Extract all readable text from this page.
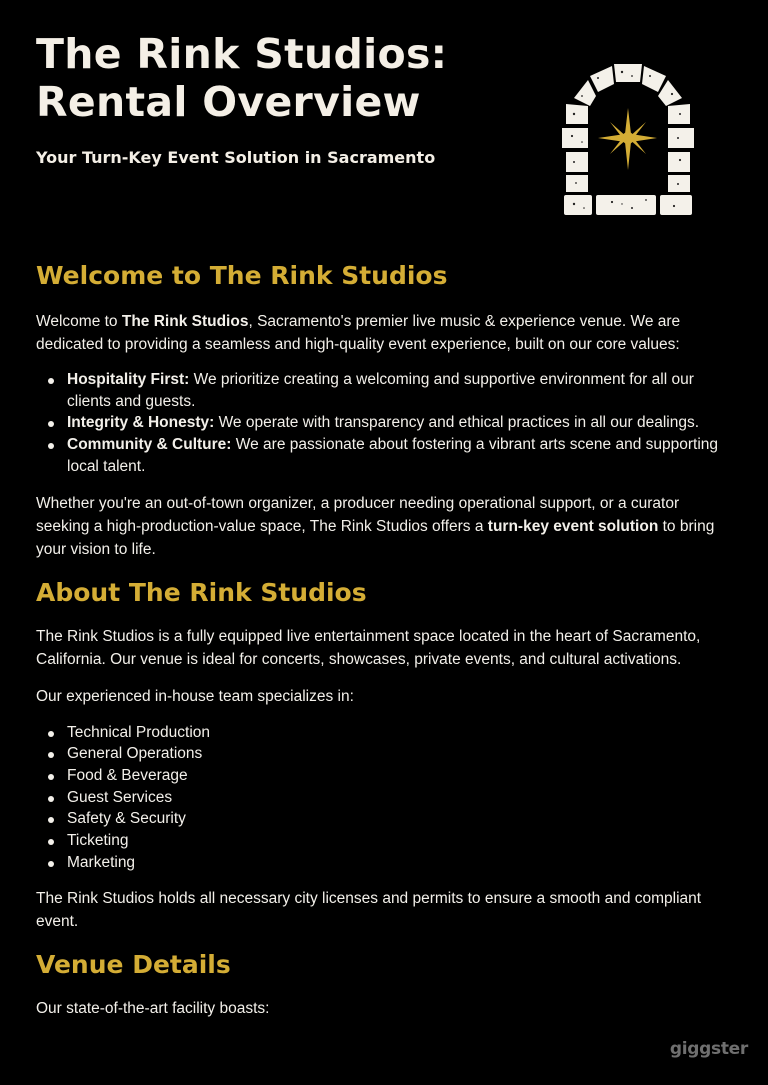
The Rink Studios:
Rental Overview
Your Turn-Key Event Solution in Sacramento
Welcome to The Rink Studios

Welcome to The Rink Studios, Sacramento's premier live music & experience venue. We are dedicated to providing a seamless and high-quality event experience, built on our core values:

Hospitality First: We prioritize creating a welcoming and supportive environment for all our clients and guests.
Integrity & Honesty: We operate with transparency and ethical practices in all our dealings.
Community & Culture: We are passionate about fostering a vibrant arts scene and supporting local talent.

Whether you're an out-of-town organizer, a producer needing operational support, or a curator seeking a high-production-value space, The Rink Studios offers a turn-key event solution to bring your vision to life.

About The Rink Studios

The Rink Studios is a fully equipped live entertainment space located in the heart of Sacramento, California. Our venue is ideal for concerts, showcases, private events, and cultural activations.

Our experienced in-house team specializes in:

Technical Production
General Operations
Food & Beverage
Guest Services
Safety & Security
Ticketing
Marketing

The Rink Studios holds all necessary city licenses and permits to ensure a smooth and compliant event.

Venue Details

Our state-of-the-art facility boasts:

giggster
